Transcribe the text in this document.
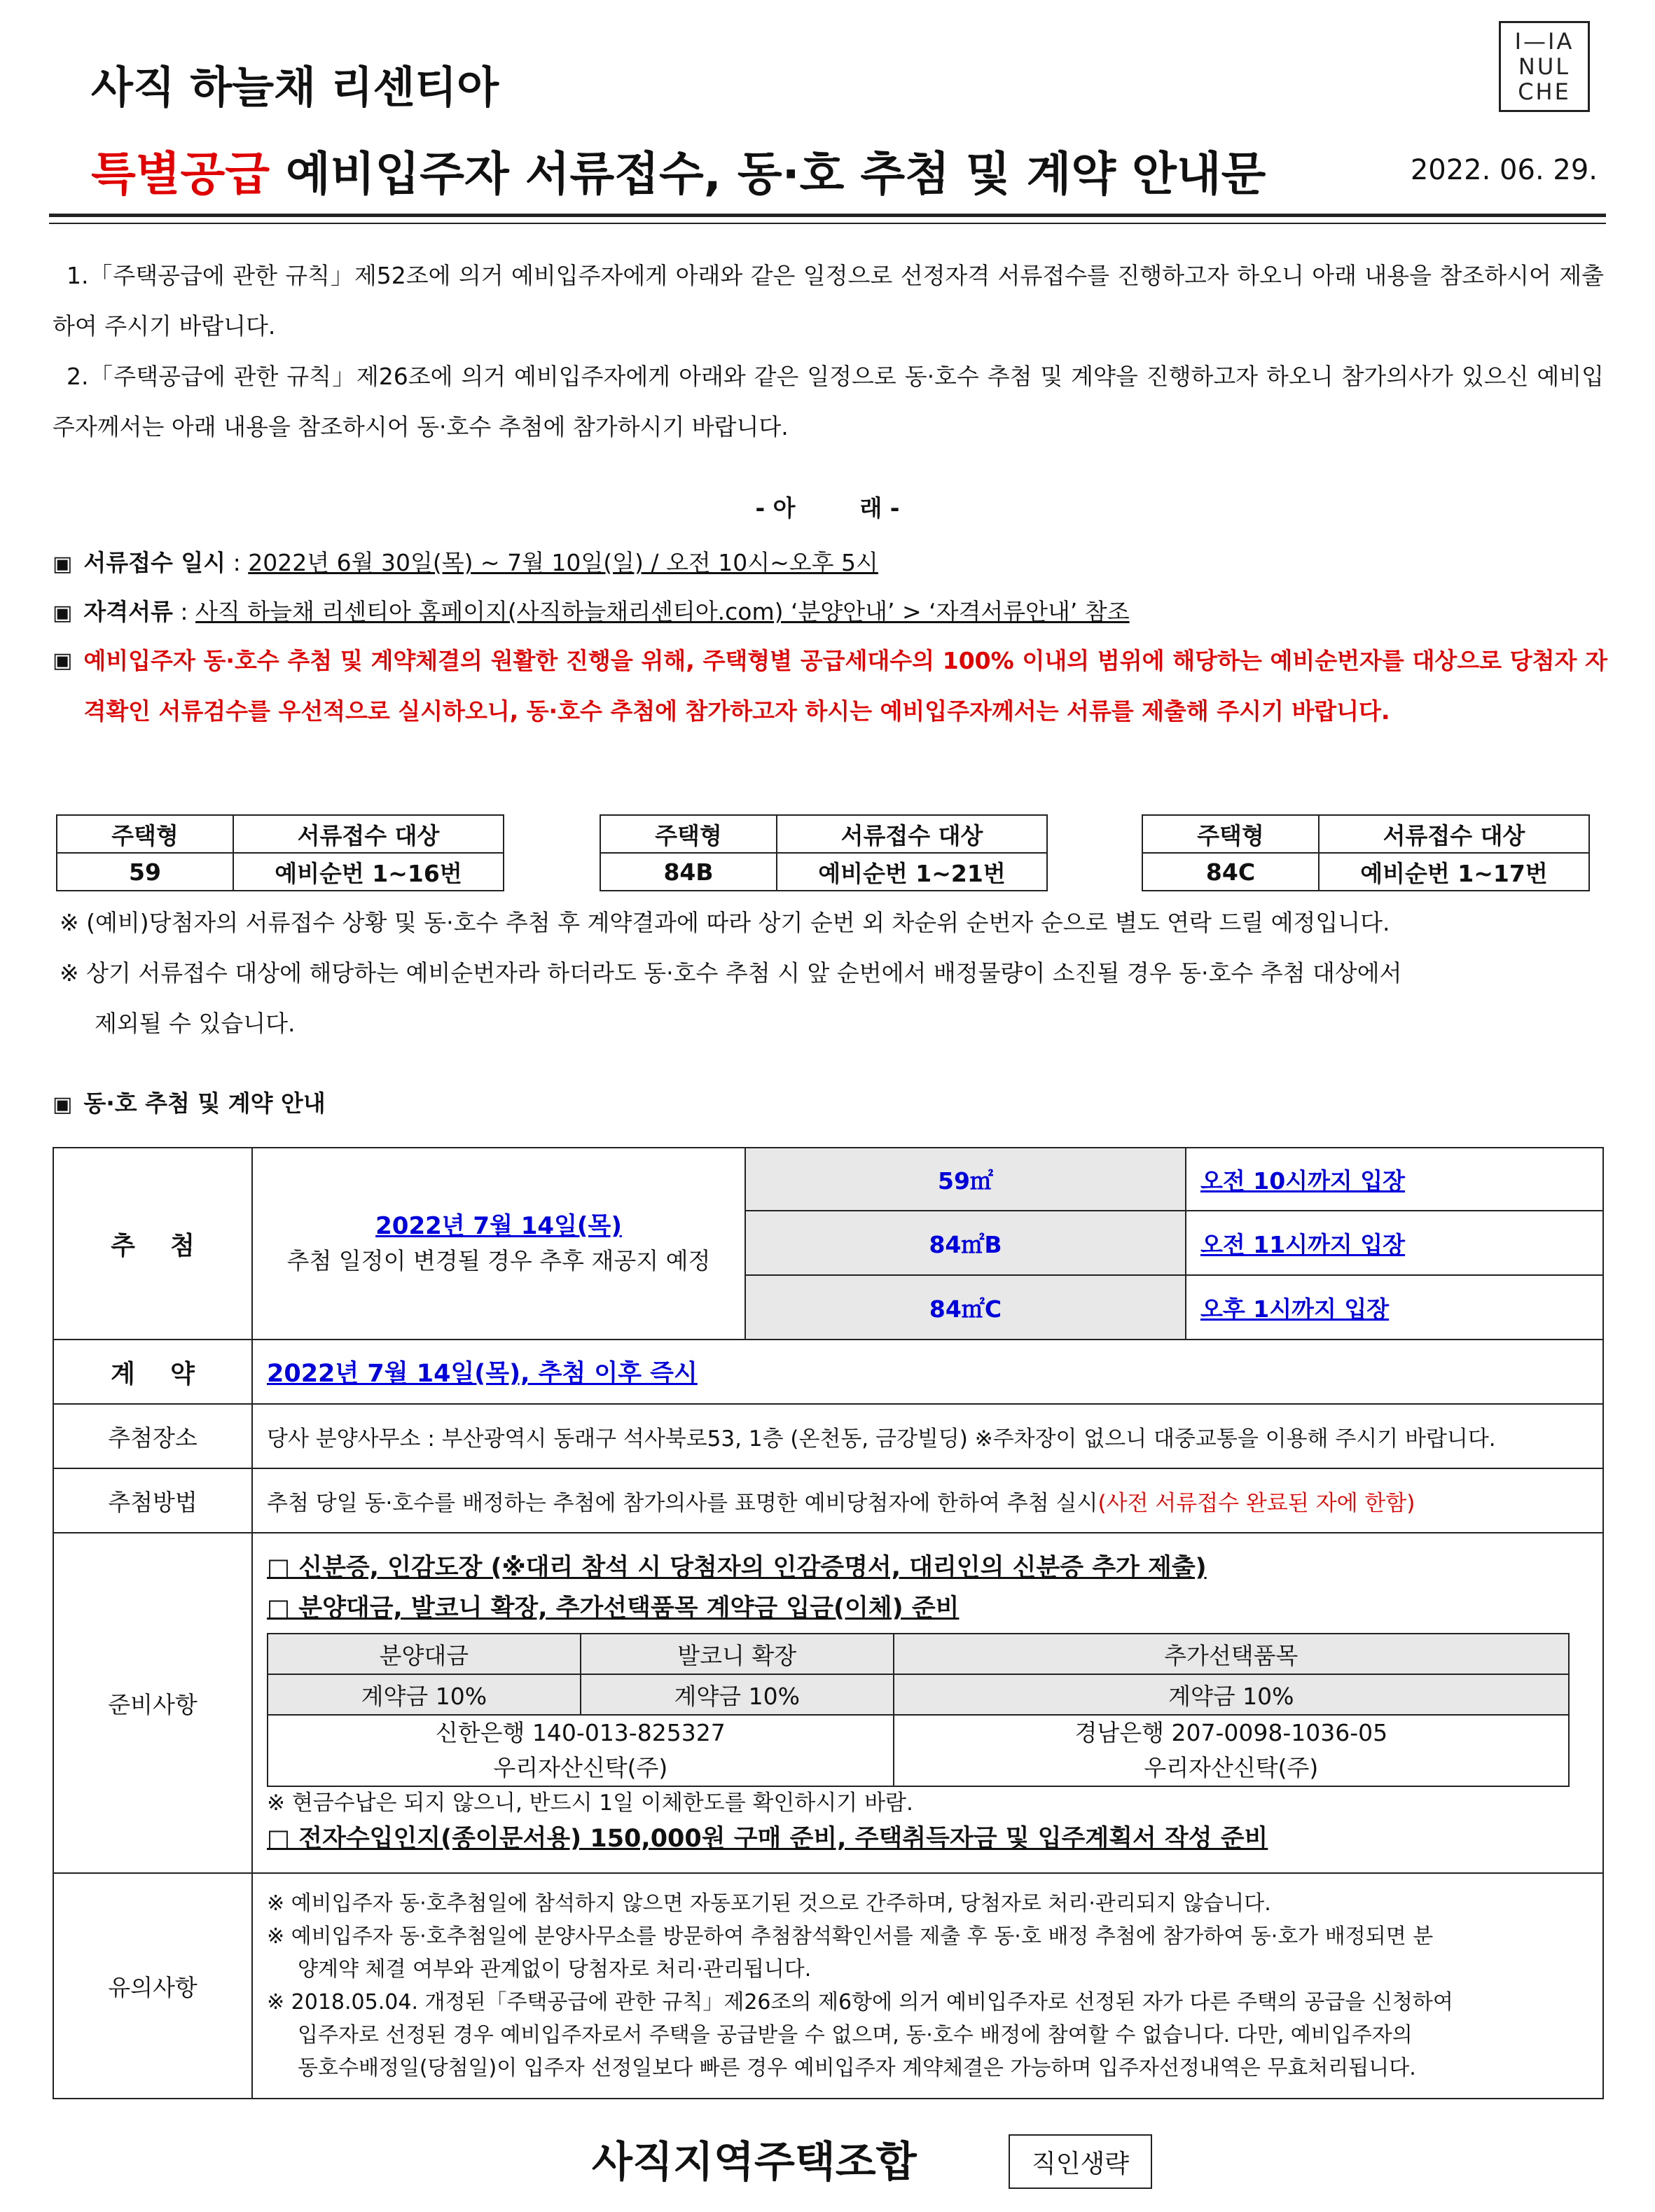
I—IA
NUL
CHE
사직 하늘채 리센티아
특별공급 예비입주자 서류접수, 동·호 추첨 및 계약 안내문	2022. 06. 29.
1.「주택공급에 관한 규칙」제52조에 의거 예비입주자에게 아래와 같은 일정으로 선정자격 서류접수를 진행하고자 하오니 아래 내용을 참조하시어 제출하여 주시기 바랍니다.
2.「주택공급에 관한 규칙」제26조에 의거 예비입주자에게 아래와 같은 일정으로 동·호수 추첨 및 계약을 진행하고자 하오니 참가의사가 있으신 예비입주자께서는 아래 내용을 참조하시어 동·호수 추첨에 참가하시기 바랍니다.
- 아        래 -
▣ 서류접수 일시 : 2022년 6월 30일(목) ~ 7월 10일(일) / 오전 10시~오후 5시
▣ 자격서류 : 사직 하늘채 리센티아 홈페이지(사직하늘채리센티아.com) ‘분양안내’ > ‘자격서류안내’ 참조
▣ 예비입주자 동·호수 추첨 및 계약체결의 원활한 진행을 위해, 주택형별 공급세대수의 100% 이내의 범위에 해당하는 예비순번자를 대상으로 당첨자 자격확인 서류검수를 우선적으로 실시하오니, 동·호수 추첨에 참가하고자 하시는 예비입주자께서는 서류를 제출해 주시기 바랍니다.
주택형	서류접수 대상
59	예비순번 1~16번
주택형	서류접수 대상
84B	예비순번 1~21번
주택형	서류접수 대상
84C	예비순번 1~17번
※ (예비)당첨자의 서류접수 상황 및 동·호수 추첨 후 계약결과에 따라 상기 순번 외 차순위 순번자 순으로 별도 연락 드릴 예정입니다.
※ 상기 서류접수 대상에 해당하는 예비순번자라 하더라도 동·호수 추첨 시 앞 순번에서 배정물량이 소진될 경우 동·호수 추첨 대상에서
제외될 수 있습니다.
▣ 동·호 추첨 및 계약 안내
추    첨	
2022년 7월 14일(목)
추첨 일정이 변경될 경우 추후 재공지 예정
	59㎡	오전 10시까지 입장
84㎡B	오전 11시까지 입장
84㎡C	오후 1시까지 입장
계    약	2022년 7월 14일(목), 추첨 이후 즉시
추첨장소	당사 분양사무소 : 부산광역시 동래구 석사북로53, 1층 (온천동, 금강빌딩) ※주차장이 없으니 대중교통을 이용해 주시기 바랍니다.
추첨방법	추첨 당일 동·호수를 배정하는 추첨에 참가의사를 표명한 예비당첨자에 한하여 추첨 실시(사전 서류접수 완료된 자에 한함)
준비사항	
□ 신분증, 인감도장 (※대리 참석 시 당첨자의 인감증명서, 대리인의 신분증 추가 제출)
□ 분양대금, 발코니 확장, 추가선택품목 계약금 입금(이체) 준비
분양대금	발코니 확장	추가선택품목
계약금 10%	계약금 10%	계약금 10%

신한은행 140-013-825327
우리자산신탁(주)

경남은행 207-0098-1036-05
우리자산신탁(주)
※ 현금수납은 되지 않으니, 반드시 1일 이체한도를 확인하시기 바람.
□ 전자수입인지(종이문서용) 150,000원 구매 준비, 주택취득자금 및 입주계획서 작성 준비

유의사항	
※ 예비입주자 동·호추첨일에 참석하지 않으면 자동포기된 것으로 간주하며, 당첨자로 처리·관리되지 않습니다.
※ 예비입주자 동·호추첨일에 분양사무소를 방문하여 추첨참석확인서를 제출 후 동·호 배정 추첨에 참가하여 동·호가 배정되면 분
양계약 체결 여부와 관계없이 당첨자로 처리·관리됩니다.
※ 2018.05.04. 개정된「주택공급에 관한 규칙」제26조의 제6항에 의거 예비입주자로 선정된 자가 다른 주택의 공급을 신청하여
입주자로 선정된 경우 예비입주자로서 주택을 공급받을 수 없으며, 동·호수 배정에 참여할 수 없습니다. 다만, 예비입주자의
동호수배정일(당첨일)이 입주자 선정일보다 빠른 경우 예비입주자 계약체결은 가능하며 입주자선정내역은 무효처리됩니다.
사직지역주택조합	직인생략
